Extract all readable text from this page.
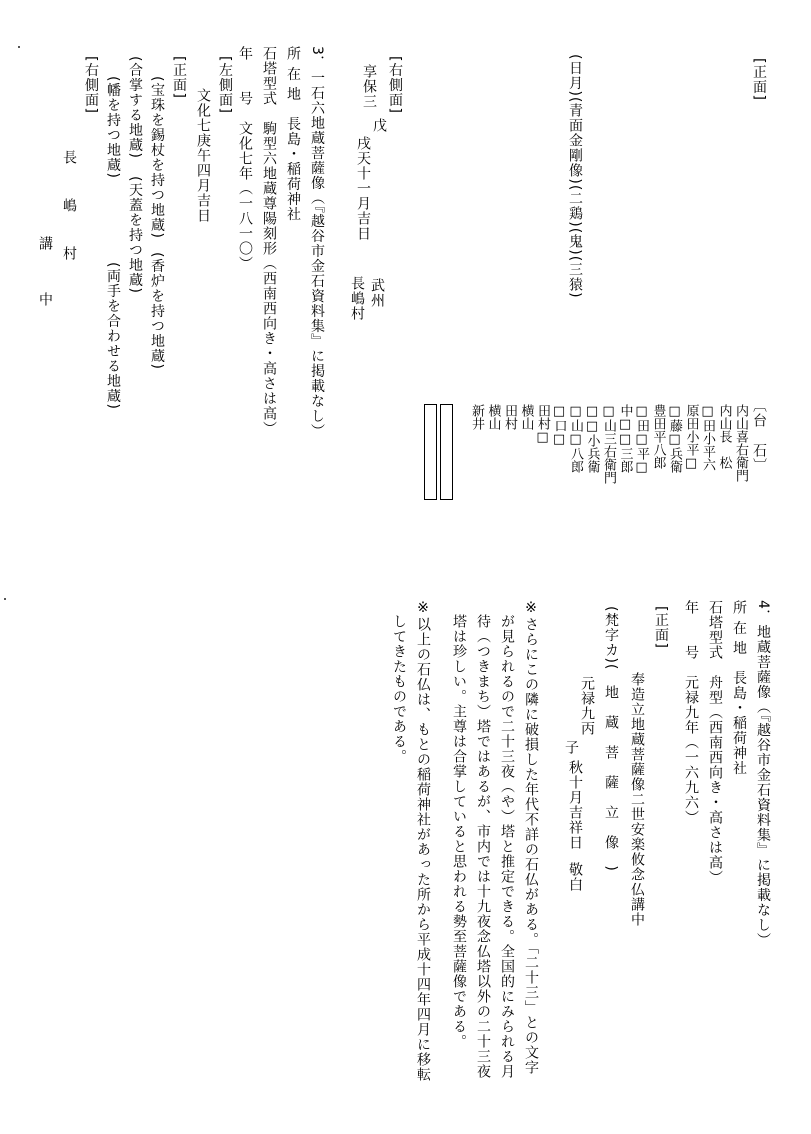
[正面]
(日月)(青面金剛像)(二鶏)(鬼)(三猿)
〔台　石〕
内山喜右衛門
内山長　松
□田小平六
原田小平□
□藤□兵衛
豊田平八郎
□田□平□
中□□三郎
□山三右衛門
□□小兵衛
□山□八郎
□口□
田村□
横山
田村
横山
新井
4．地蔵菩薩像（『越谷市金石資料集』に掲載なし）
所 在 地　長島・稲荷神社
石塔型式　舟型（西南西向き・高さは高）
年　　号　元禄九年（一六九六）
[正面]
奉造立地蔵菩薩像二世安楽攸念仏講中
(梵字カ)(　地　蔵　菩　薩　立　像　)
元禄九丙
子
秋十月吉祥日
敬白
※さらにこの隣に破損した年代不詳の石仏がある。「二十三」との文字
が見られるので二十三夜（や）塔と推定できる。全国的にみられる月
待（つきまち）塔ではあるが、市内では十九夜念仏塔以外の二十三夜
塔は珍しい。主尊は合掌していると思われる勢至菩薩像である。
※以上の石仏は、もとの稲荷神社があった所から平成十四年四月に移転
してきたものである。
[右側面]
享保三
戊
戌天十一月吉日
武州
長嶋村
3．一石六地蔵菩薩像（『越谷市金石資料集』に掲載なし）
所 在 地　長島・稲荷神社
石塔型式　駒型六地蔵尊陽刻形（西南西向き・高さは高）
年　　号　文化七年（一八一〇）
[左側面]
文化七庚午四月吉日
[正面]
(宝珠を錫杖を持つ地蔵)
(香炉を持つ地蔵)
(合掌する地蔵)
(天蓋を持つ地蔵)
(幡を持つ地蔵)
(両手を合わせる地蔵)
[右側面]
長　嶋　村
講　中
